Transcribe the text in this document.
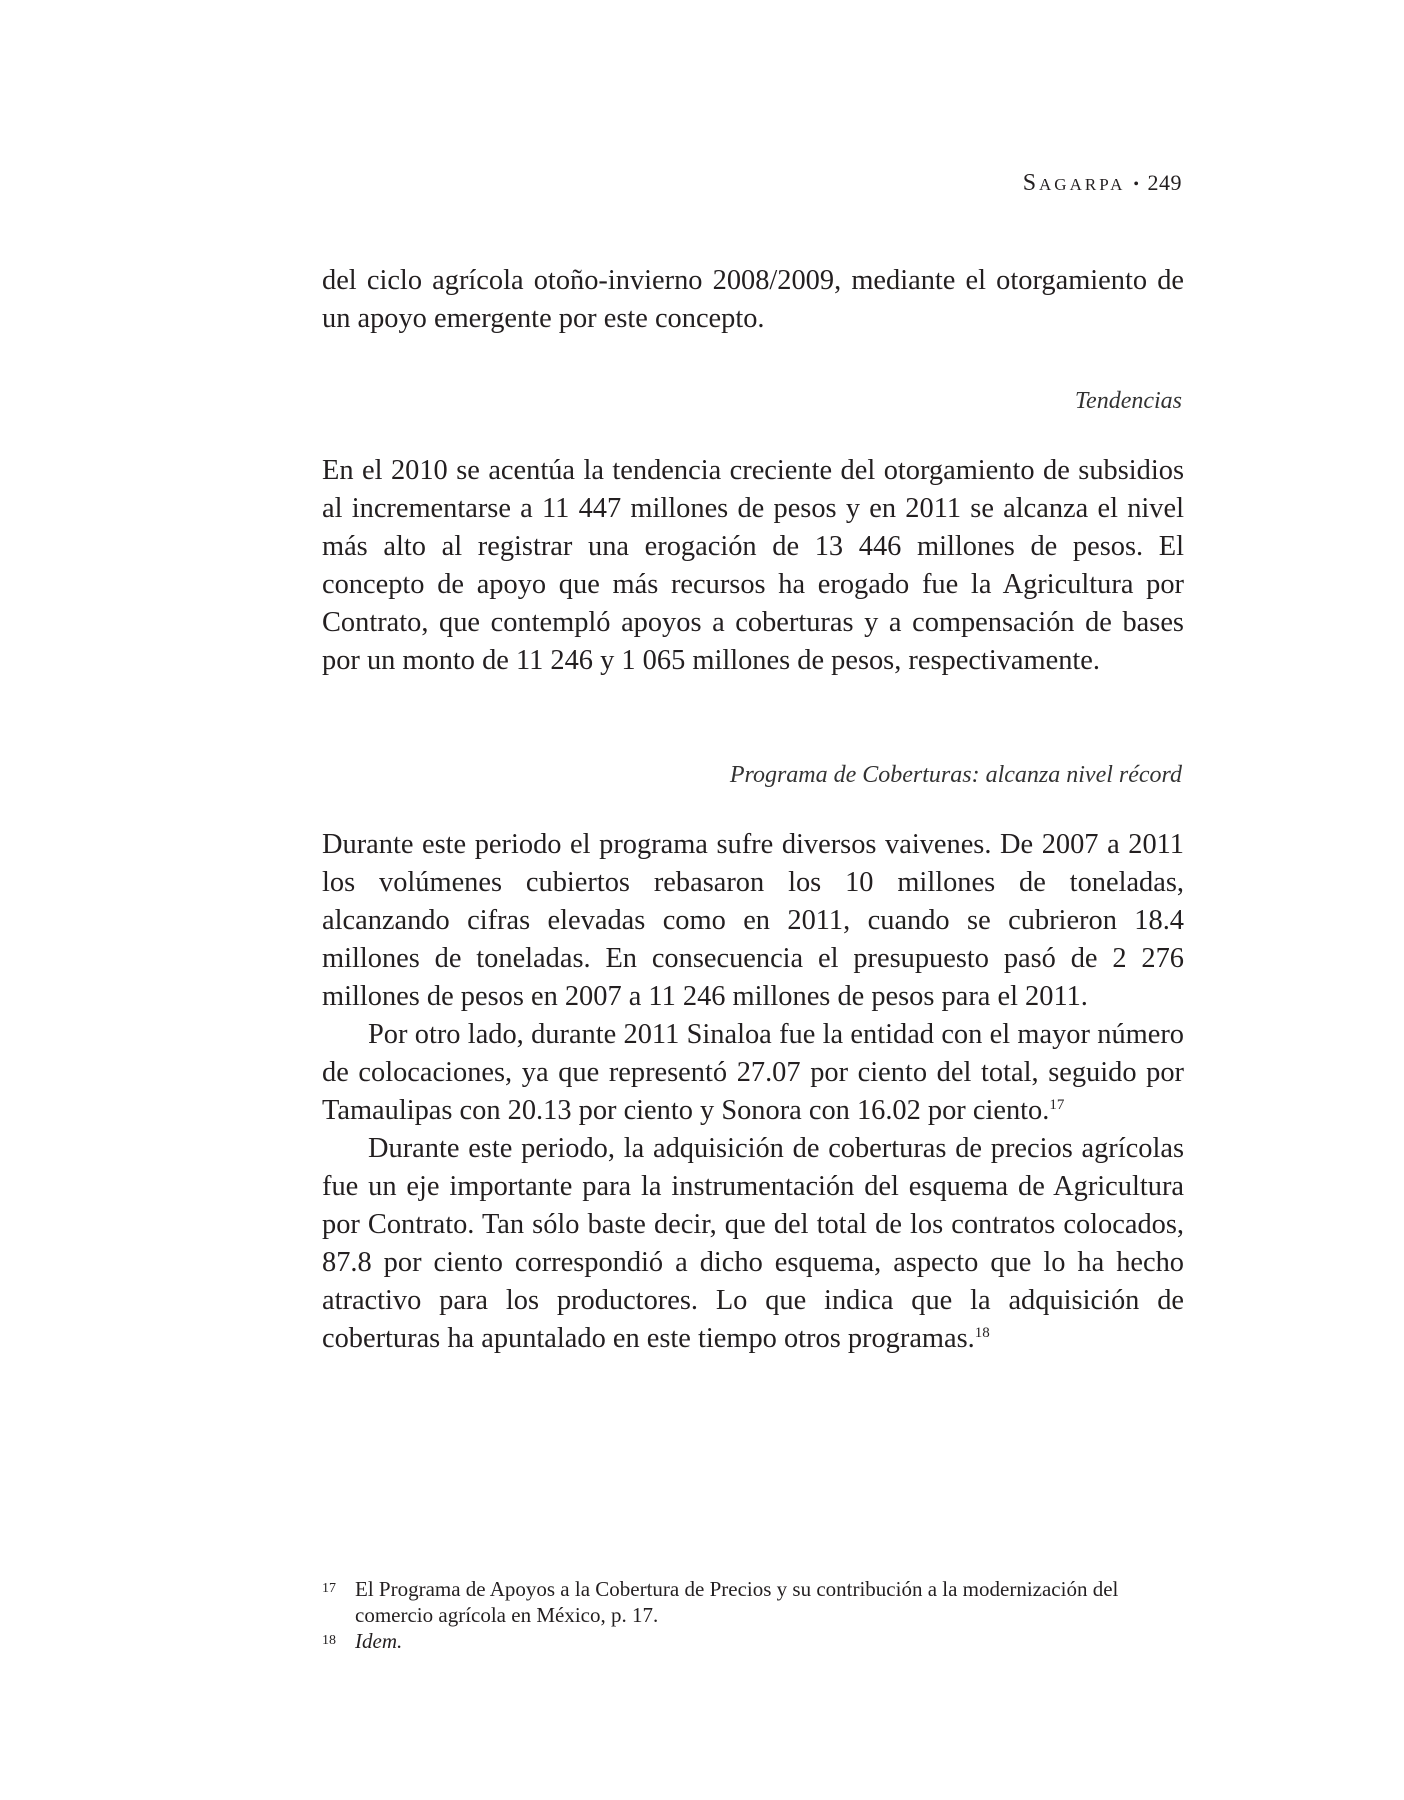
Sagarpa • 249

del ciclo agrícola otoño-invierno 2008/2009, mediante el otorgamiento de un apoyo emergente por este concepto.

Tendencias

En el 2010 se acentúa la tendencia creciente del otorgamiento de subsidios al incrementarse a 11 447 millones de pesos y en 2011 se alcanza el nivel más alto al registrar una erogación de 13 446 millones de pesos. El concepto de apoyo que más recursos ha erogado fue la Agricultura por Contrato, que contempló apoyos a coberturas y a compensación de bases por un monto de 11 246 y 1 065 millones de pesos, respectivamente.

Programa de Coberturas: alcanza nivel récord

Durante este periodo el programa sufre diversos vaivenes. De 2007 a 2011 los volúmenes cubiertos rebasaron los 10 millones de toneladas, alcanzando cifras elevadas como en 2011, cuando se cubrieron 18.4 millones de toneladas. En consecuencia el presupuesto pasó de 2 276 millones de pesos en 2007 a 11 246 millones de pesos para el 2011.

Por otro lado, durante 2011 Sinaloa fue la entidad con el mayor número de colocaciones, ya que representó 27.07 por ciento del total, seguido por Tamaulipas con 20.13 por ciento y Sonora con 16.02 por ciento.$^{17}$

Durante este periodo, la adquisición de coberturas de precios agrícolas fue un eje importante para la instrumentación del esquema de Agricultura por Contrato. Tan sólo baste decir, que del total de los contratos colocados, 87.8 por ciento correspondió a dicho esquema, aspecto que lo ha hecho atractivo para los productores. Lo que indica que la adquisición de coberturas ha apuntalado en este tiempo otros programas.$^{18}$

17 El Programa de Apoyos a la Cobertura de Precios y su contribución a la modernización del comercio agrícola en México, p. 17.
18 Idem.
